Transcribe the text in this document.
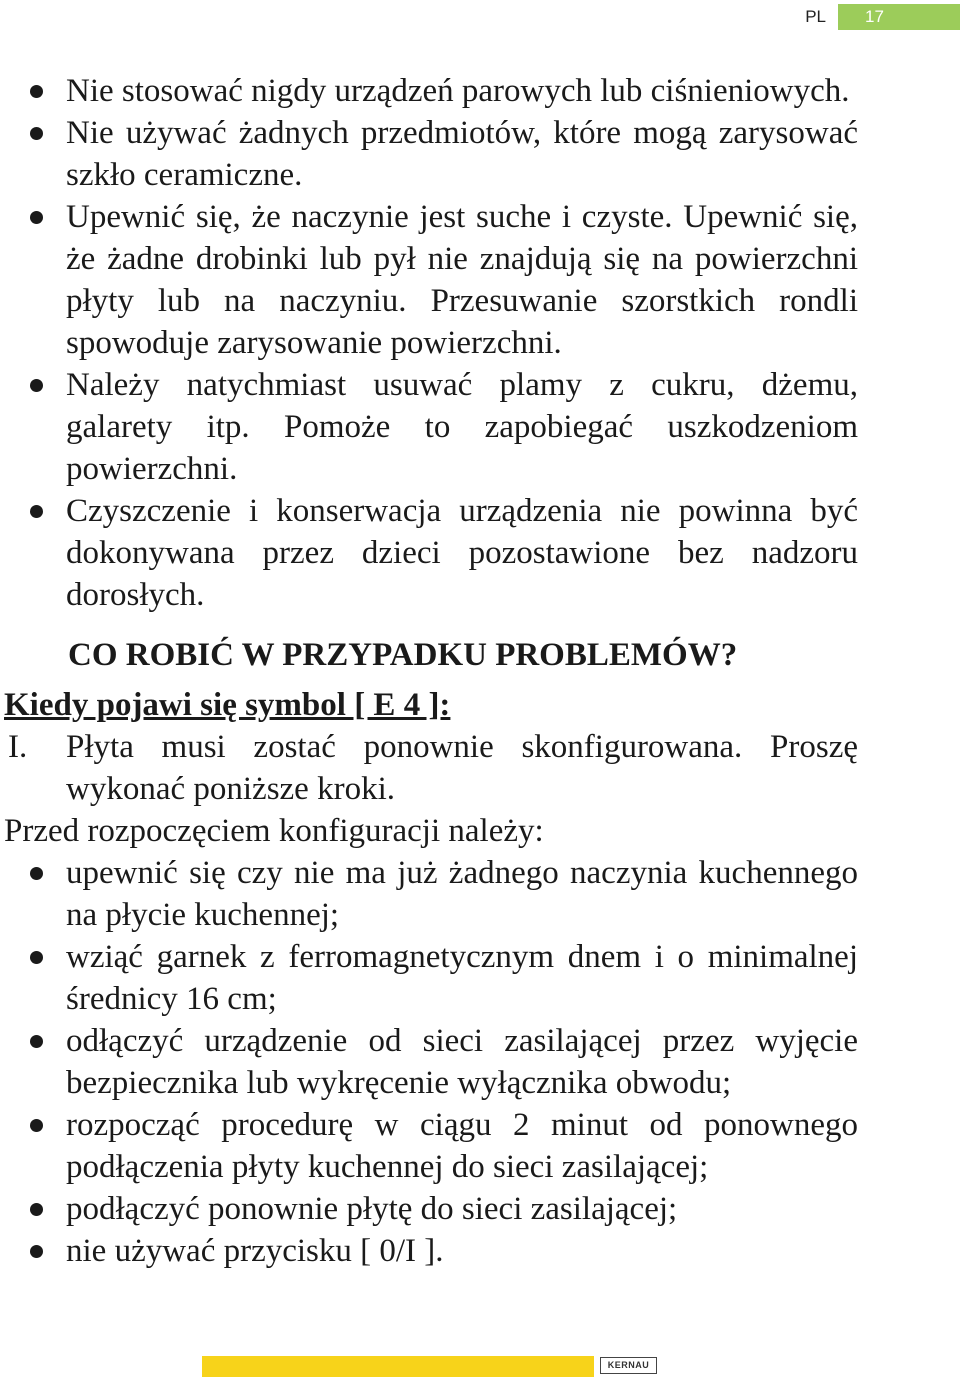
PL	17
Nie stosować nigdy urządzeń parowych lub ciśnieniowych.
Nie używać żadnych przedmiotów, które mogą zarysować szkło ceramiczne.
Upewnić się, że naczynie jest suche i czyste. Upewnić się, że żadne drobinki lub pył nie znajdują się na powierzchni płyty lub na naczyniu. Przesuwanie szorstkich rondli spowoduje zarysowanie powierzchni.
Należy natychmiast usuwać plamy z cukru, dżemu, galarety itp. Pomoże to zapobiegać uszkodzeniom powierzchni.
Czyszczenie i konserwacja urządzenia nie powinna być dokonywana przez dzieci pozostawione bez nadzoru dorosłych.
CO ROBIĆ W PRZYPADKU PROBLEMÓW?
Kiedy pojawi się symbol [ E 4 ]:
I.	Płyta musi zostać ponownie skonfigurowana. Proszę wykonać poniższe kroki.
Przed rozpoczęciem konfiguracji należy:
upewnić się czy nie ma już żadnego naczynia kuchennego na płycie kuchennej;
wziąć garnek z ferromagnetycznym dnem i o minimalnej średnicy 16 cm;
odłączyć urządzenie od sieci zasilającej przez wyjęcie bezpiecznika lub wykręcenie wyłącznika obwodu;
rozpocząć procedurę w ciągu 2 minut od ponownego podłączenia płyty kuchennej do sieci zasilającej;
podłączyć ponownie płytę do sieci zasilającej;
nie używać przycisku [ 0/I ].
KERNAU
